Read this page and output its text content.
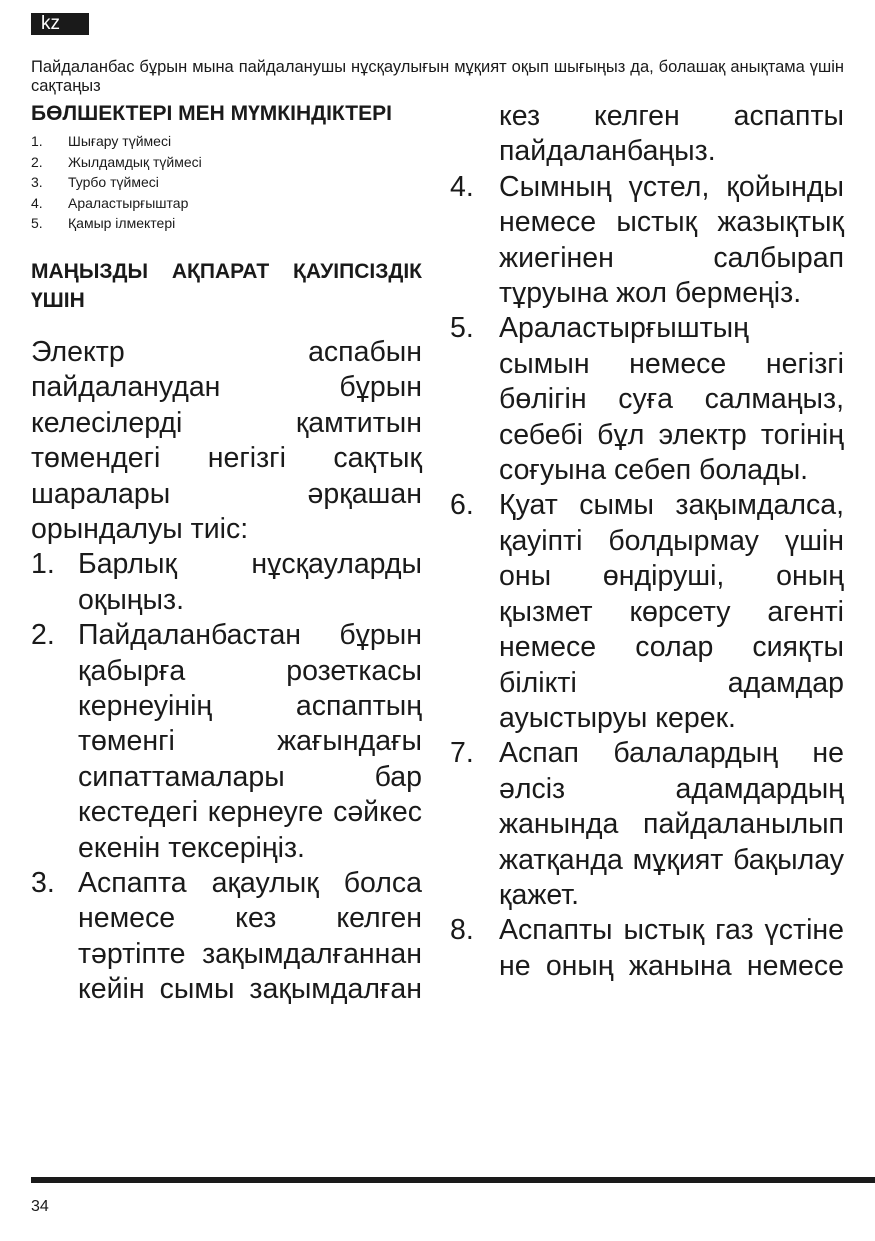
kz
Пайдаланбас бұрын мына пайдаланушы нұсқаулығын мұқият оқып шығыңыз да, болашақ анықтама үшін сақтаңыз
БӨЛШЕКТЕРІ МЕН МҮМКІНДІКТЕРІ
1.	Шығару түймесі
2.	Жылдамдық түймесі
3.	Турбо түймесі
4.	Араластырғыштар
5.	Қамыр ілмектері
МАҢЫЗДЫ АҚПАРАТ ҚАУІПСІЗДІК ҮШІН

Электр аспабын пайдаланудан бұрын келесілерді қамтитын төмендегі негізгі сақтық шаралары әрқашан орындалуы тиіс:

1. Барлық нұсқауларды оқыңыз.
2. Пайдаланбастан бұрын қабырға розеткасы кернеуінің аспаптың төменгі жағындағы сипаттамалары бар кестедегі кернеуге сәйкес екенін тексеріңіз.
3. Аспапта ақаулық болса немесе кез келген тәртіпте зақымдалғаннан кейін сымы зақымдалған
кез келген аспапты пайдаланбаңыз.
4. Сымның үстел, қойынды немесе ыстық жазықтық жиегінен салбырап тұруына жол бермеңіз.
5. Араластырғыштың сымын немесе негізгі бөлігін суға салмаңыз, себебі бұл электр тогінің соғуына себеп болады.
6. Қуат сымы зақымдалса, қауіпті болдырмау үшін оны өндіруші, оның қызмет көрсету агенті немесе солар сияқты білікті адамдар ауыстыруы керек.
7. Аспап балалардың не әлсіз адамдардың жанында пайдаланылып жатқанда мұқият бақылау қажет.
8. Аспапты ыстық газ үстіне не оның жанына немесе
34
